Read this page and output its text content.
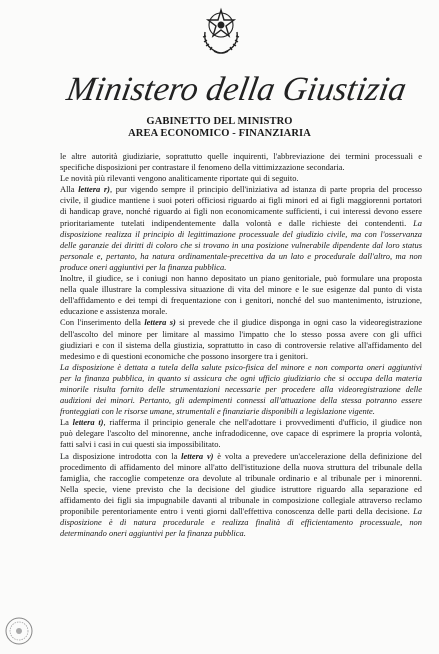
Ministero della Giustizia
GABINETTO DEL MINISTRO
AREA ECONOMICO - FINANZIARIA
le altre autorità giudiziarie, soprattutto quelle inquirenti, l'abbreviazione dei termini processuali e
specifiche disposizioni per contrastare il fenomeno della vittimizzazione secondaria.
Le novità più rilevanti vengono analiticamente riportate qui di seguito.
Alla lettera r), pur vigendo sempre il principio dell'iniziativa ad istanza di parte propria del processo
civile, il giudice mantiene i suoi poteri officiosi riguardo ai figli minori ed ai figli maggiorenni portatori
di handicap grave, nonché riguardo ai figli non economicamente sufficienti, i cui interessi devono essere
prioritariamente tutelati indipendentemente dalla volontà e dalle richieste dei contendenti. La
disposizione realizza il principio di legittimazione processuale del giudizio civile, ma con l'osservanza
delle garanzie dei diritti di coloro che si trovano in una posizione vulnerabile dipendente dal loro status
personale e, pertanto, ha natura ordinamentale-precettiva da un lato e procedurale dall'altro, ma non
produce oneri aggiuntivi per la finanza pubblica.
Inoltre, il giudice, se i coniugi non hanno depositato un piano genitoriale, può formulare una proposta
nella quale illustrare la complessiva situazione di vita del minore e le sue esigenze dal punto di vista
dell'affidamento e dei tempi di frequentazione con i genitori, nonché del suo mantenimento, istruzione,
educazione e assistenza morale.
Con l'inserimento della lettera s) si prevede che il giudice disponga in ogni caso la videoregistrazione
dell'ascolto del minore per limitare al massimo l'impatto che lo stesso possa avere con gli uffici
giudiziari e con il sistema della giustizia, soprattutto in caso di controversie relative all'affidamento del
medesimo e di questioni economiche che possono insorgere tra i genitori.
La disposizione è dettata a tutela della salute psico-fisica del minore e non comporta oneri aggiuntivi
per la finanza pubblica, in quanto si assicura che ogni ufficio giudiziario che si occupa della materia
minorile risulta fornito delle strumentazioni necessarie per procedere alla videoregistrazione delle
audizioni dei minori. Pertanto, gli adempimenti connessi all'attuazione della stessa potranno essere
fronteggiati con le risorse umane, strumentali e finanziarie disponibili a legislazione vigente.
La lettera t), riafferma il principio generale che nell'adottare i provvedimenti d'ufficio, il giudice non
può delegare l'ascolto del minorenne, anche infradodicenne, ove capace di esprimere la propria volontà,
fatti salvi i casi in cui questi sia impossibilitato.
La disposizione introdotta con la lettera v) è volta a prevedere un'accelerazione della definizione del
procedimento di affidamento del minore all'atto dell'istituzione della nuova struttura del tribunale della
famiglia, che raccoglie competenze ora devolute al tribunale ordinario e al tribunale per i minorenni.
Nella specie, viene previsto che la decisione del giudice istruttore riguardo alla separazione ed
affidamento dei figli sia impugnabile davanti al tribunale in composizione collegiale attraverso reclamo
proponibile perentoriamente entro i venti giorni dall'effettiva conoscenza delle parti della decisione. La
disposizione è di natura procedurale e realizza finalità di efficientamento processuale, non
determinando oneri aggiuntivi per la finanza pubblica.
